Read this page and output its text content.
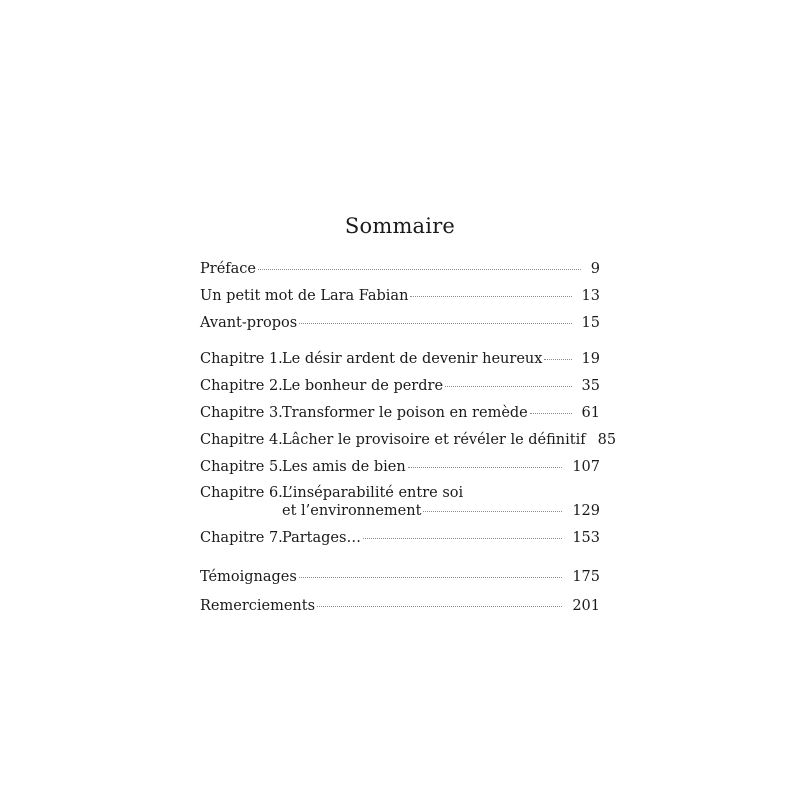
Sommaire
Préface	9
Un petit mot de Lara Fabian	13
Avant-propos	15
Chapitre 1. Le désir ardent de devenir heureux	19
Chapitre 2. Le bonheur de perdre	35
Chapitre 3. Transformer le poison en remède	61
Chapitre 4. Lâcher le provisoire et révéler le définitif 85
Chapitre 5. Les amis de bien	107
Chapitre 6. L’inséparabilité entre soi
et l’environnement	129
Chapitre 7. Partages…	153
Témoignages	175
Remerciements	201
